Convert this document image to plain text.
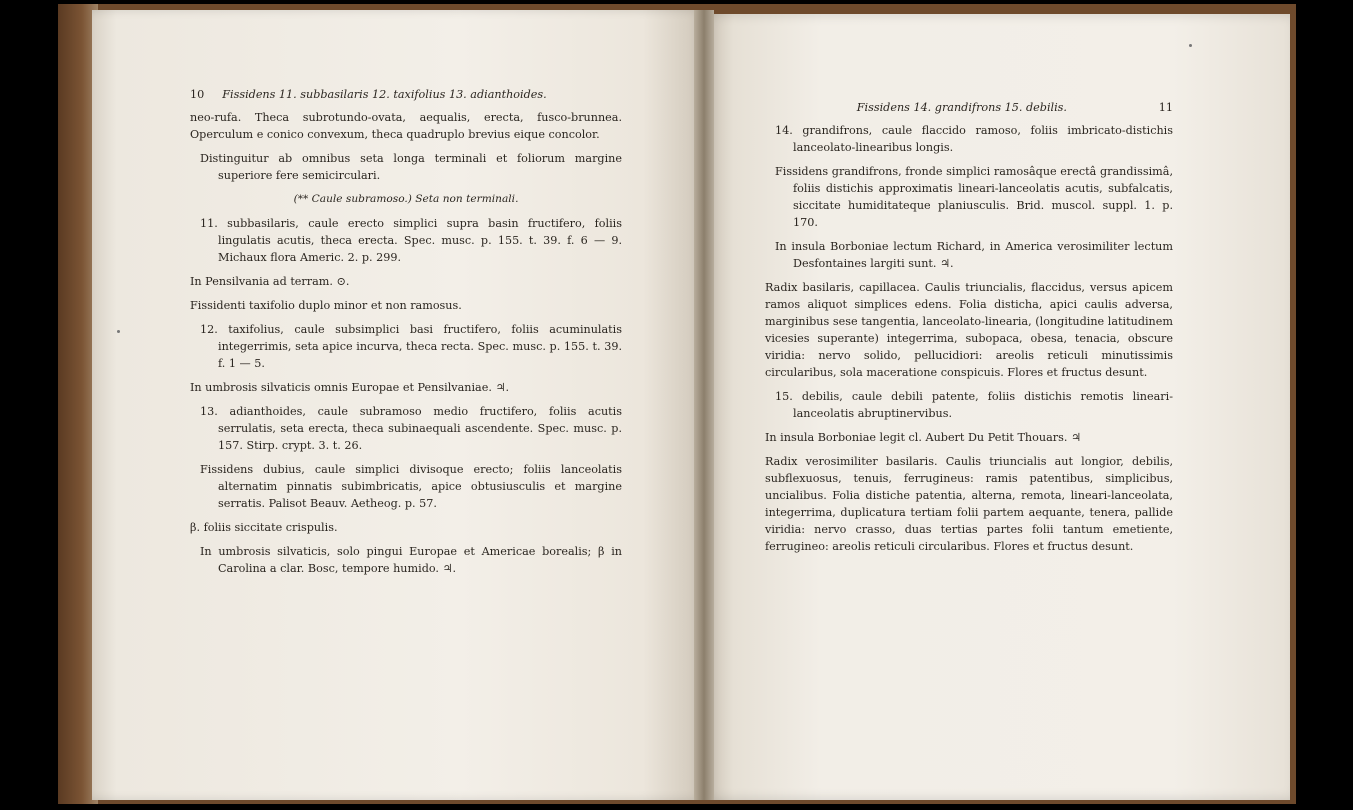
10 Fissidens 11. subbasilaris 12. taxifolius 13. adianthoides.

neo-rufa. Theca subrotundo-ovata, aequalis, erecta, fusco-brunnea. Operculum e conico convexum, theca quadruplo brevius eique concolor.

Distinguitur ab omnibus seta longa terminali et foliorum margine superiore fere semicirculari.

(** Caule subramoso.) Seta non terminali.

11. subbasilaris, caule erecto simplici supra basin fructifero, foliis lingulatis acutis, theca erecta. Spec. musc. p. 155. t. 39. f. 6 — 9. Michaux flora Americ. 2. p. 299.

In Pensilvania ad terram. ⊙.

Fissidenti taxifolio duplo minor et non ramosus.

12. taxifolius, caule subsimplici basi fructifero, foliis acuminulatis integerrimis, seta apice incurva, theca recta. Spec. musc. p. 155. t. 39. f. 1 — 5.

In umbrosis silvaticis omnis Europae et Pensilvaniae. ♃.

13. adianthoides, caule subramoso medio fructifero, foliis acutis serrulatis, seta erecta, theca subinaequali ascendente. Spec. musc. p. 157. Stirp. crypt. 3. t. 26.

Fissidens dubius, caule simplici divisoque erecto; foliis lanceolatis alternatim pinnatis subimbricatis, apice obtusiusculis et margine serratis. Palisot Beauv. Aetheog. p. 57.

β. foliis siccitate crispulis.

In umbrosis silvaticis, solo pingui Europae et Americae borealis; β in Carolina a clar. Bosc, tempore humido. ♃.

Fissidens 14. grandifrons 15. debilis.	11

14. grandifrons, caule flaccido ramoso, foliis imbricato-distichis lanceolato-linearibus longis.

Fissidens grandifrons, fronde simplici ramosâque erectâ grandissimâ, foliis distichis approximatis lineari-lanceolatis acutis, subfalcatis, siccitate humiditateque planiusculis. Brid. muscol. suppl. 1. p. 170.

In insula Borboniae lectum Richard, in America verosimiliter lectum Desfontaines largiti sunt. ♃.

Radix basilaris, capillacea. Caulis triuncialis, flaccidus, versus apicem ramos aliquot simplices edens. Folia disticha, apici caulis adversa, marginibus sese tangentia, lanceolato-linearia, (longitudine latitudinem vicesies superante) integerrima, subopaca, obesa, tenacia, obscure viridia: nervo solido, pellucidiori: areolis reticuli minutissimis circularibus, sola maceratione conspicuis. Flores et fructus desunt.

15. debilis, caule debili patente, foliis distichis remotis lineari-lanceolatis abruptinervibus.

In insula Borboniae legit cl. Aubert Du Petit Thouars. ♃

Radix verosimiliter basilaris. Caulis triuncialis aut longior, debilis, subflexuosus, tenuis, ferrugineus: ramis patentibus, simplicibus, uncialibus. Folia distiche patentia, alterna, remota, lineari-lanceolata, integerrima, duplicatura tertiam folii partem aequante, tenera, pallide viridia: nervo crasso, duas tertias partes folii tantum emetiente, ferrugineo: areolis reticuli circularibus. Flores et fructus desunt.
